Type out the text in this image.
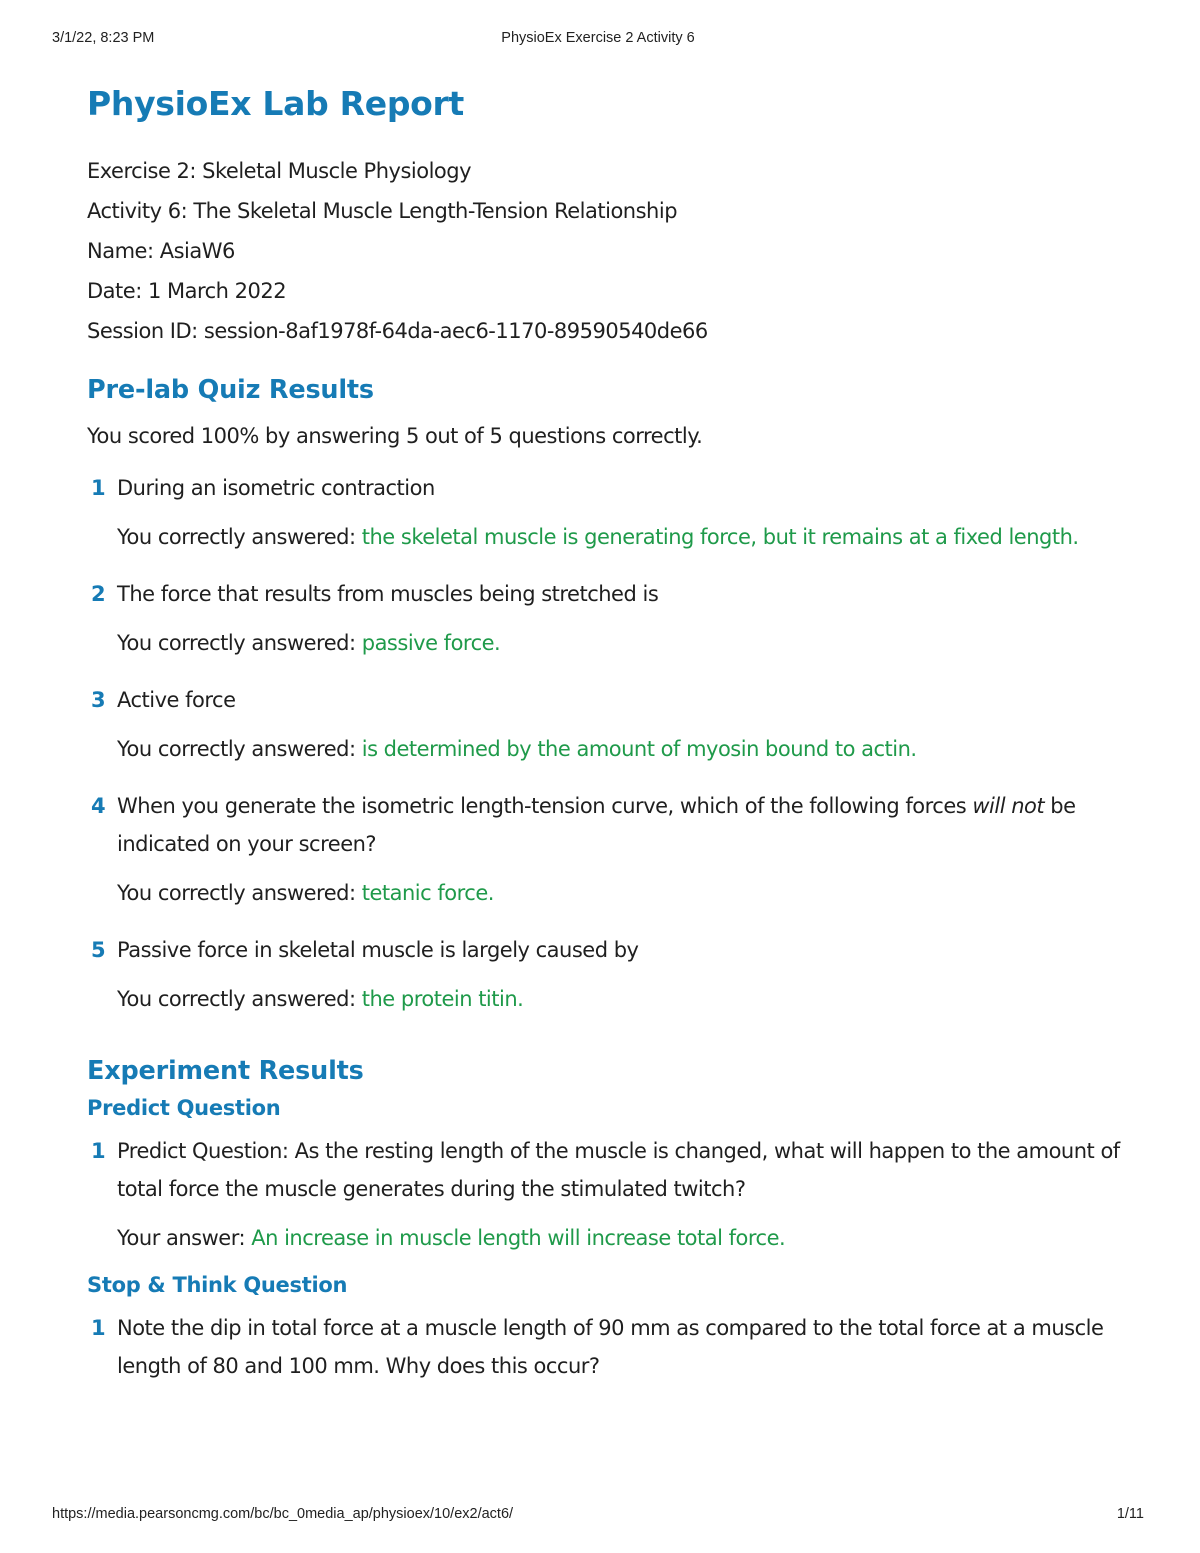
3/1/22, 8:23 PM	PhysioEx Exercise 2 Activity 6
PhysioEx Lab Report

Exercise 2: Skeletal Muscle Physiology

Activity 6: The Skeletal Muscle Length-Tension Relationship

Name: AsiaW6

Date: 1 March 2022

Session ID: session-8af1978f-64da-aec6-1170-89590540de66

Pre-lab Quiz Results

You scored 100% by answering 5 out of 5 questions correctly.

1 During an isometric contraction
You correctly answered: the skeletal muscle is generating force, but it remains at a fixed length.
2 The force that results from muscles being stretched is
You correctly answered: passive force.
3 Active force
You correctly answered: is determined by the amount of myosin bound to actin.
4 When you generate the isometric length-tension curve, which of the following forces will not be indicated on your screen?
You correctly answered: tetanic force.
5 Passive force in skeletal muscle is largely caused by
You correctly answered: the protein titin.
Experiment Results
Predict Question
1 Predict Question: As the resting length of the muscle is changed, what will happen to the amount of total force the muscle generates during the stimulated twitch?
Your answer: An increase in muscle length will increase total force.
Stop & Think Question
1 Note the dip in total force at a muscle length of 90 mm as compared to the total force at a muscle length of 80 and 100 mm. Why does this occur?
https://media.pearsoncmg.com/bc/bc_0media_ap/physioex/10/ex2/act6/	1/11
